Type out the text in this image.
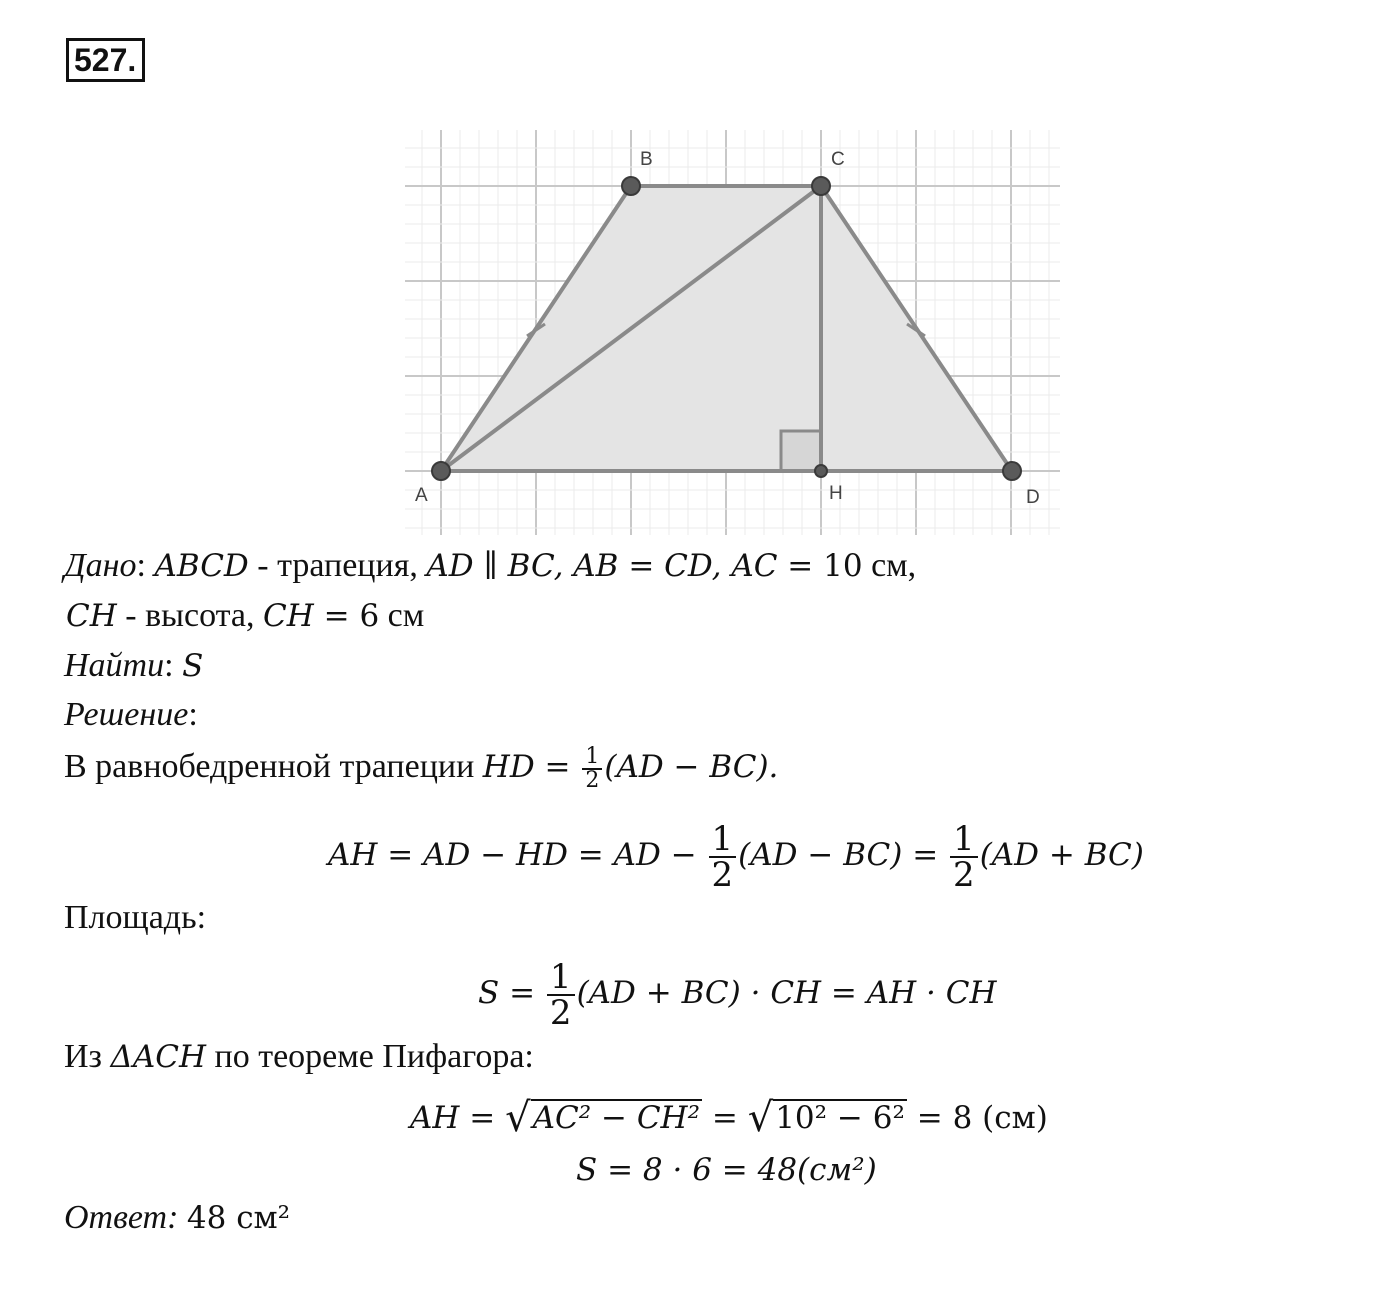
527.
A
B	C
D
H
Дано: ABCD - трапеция, AD ∥ BC, AB = CD, AC = 10 см,
CH - высота, CH = 6 см
Найти: S
Решение:
В равнобедренной трапеции HD = $\frac{1}{2} (AD - BC)$.
AH = AD − HD = AD − $\frac{1}{2} (AD - BC) = \frac{1}{2} (AD + BC)$
Площадь:
$S = \frac{1}{2} (AD + BC)$ · CH = AH · CH
Из ΔACH по теореме Пифагора:
AH = √AC² − CH² = √10² − 6² = 8 (см)
S = 8 · 6 = 48(см²)
Ответ: 48 см²
